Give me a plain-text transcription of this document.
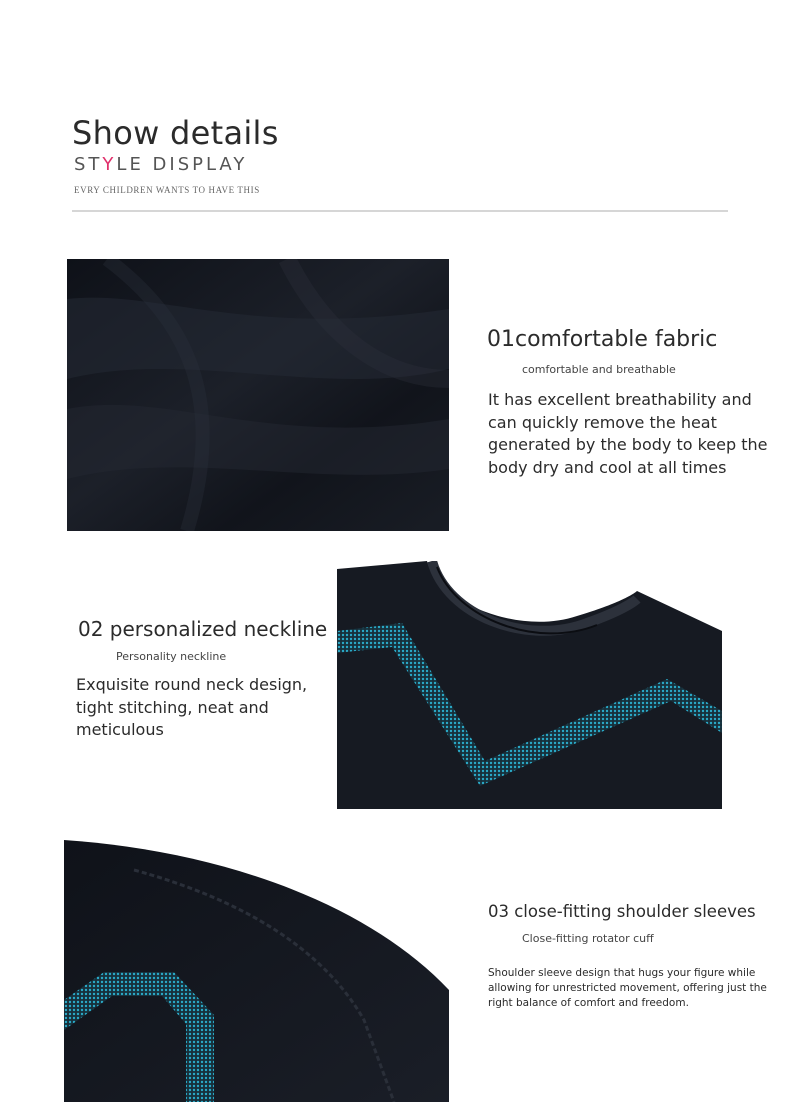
Show details
STYLE DISPLAY
EVRY CHILDREN WANTS TO HAVE THIS
01comfortable fabric
comfortable and breathable
It has excellent breathability and can quickly remove the heat generated by the body to keep the body dry and cool at all times
02 personalized neckline
Personality neckline
Exquisite round neck design, tight stitching, neat and meticulous
03 close-fitting shoulder sleeves
Close-fitting rotator cuff
Shoulder sleeve design that hugs your figure while allowing for unrestricted movement, offering just the right balance of comfort and freedom.
